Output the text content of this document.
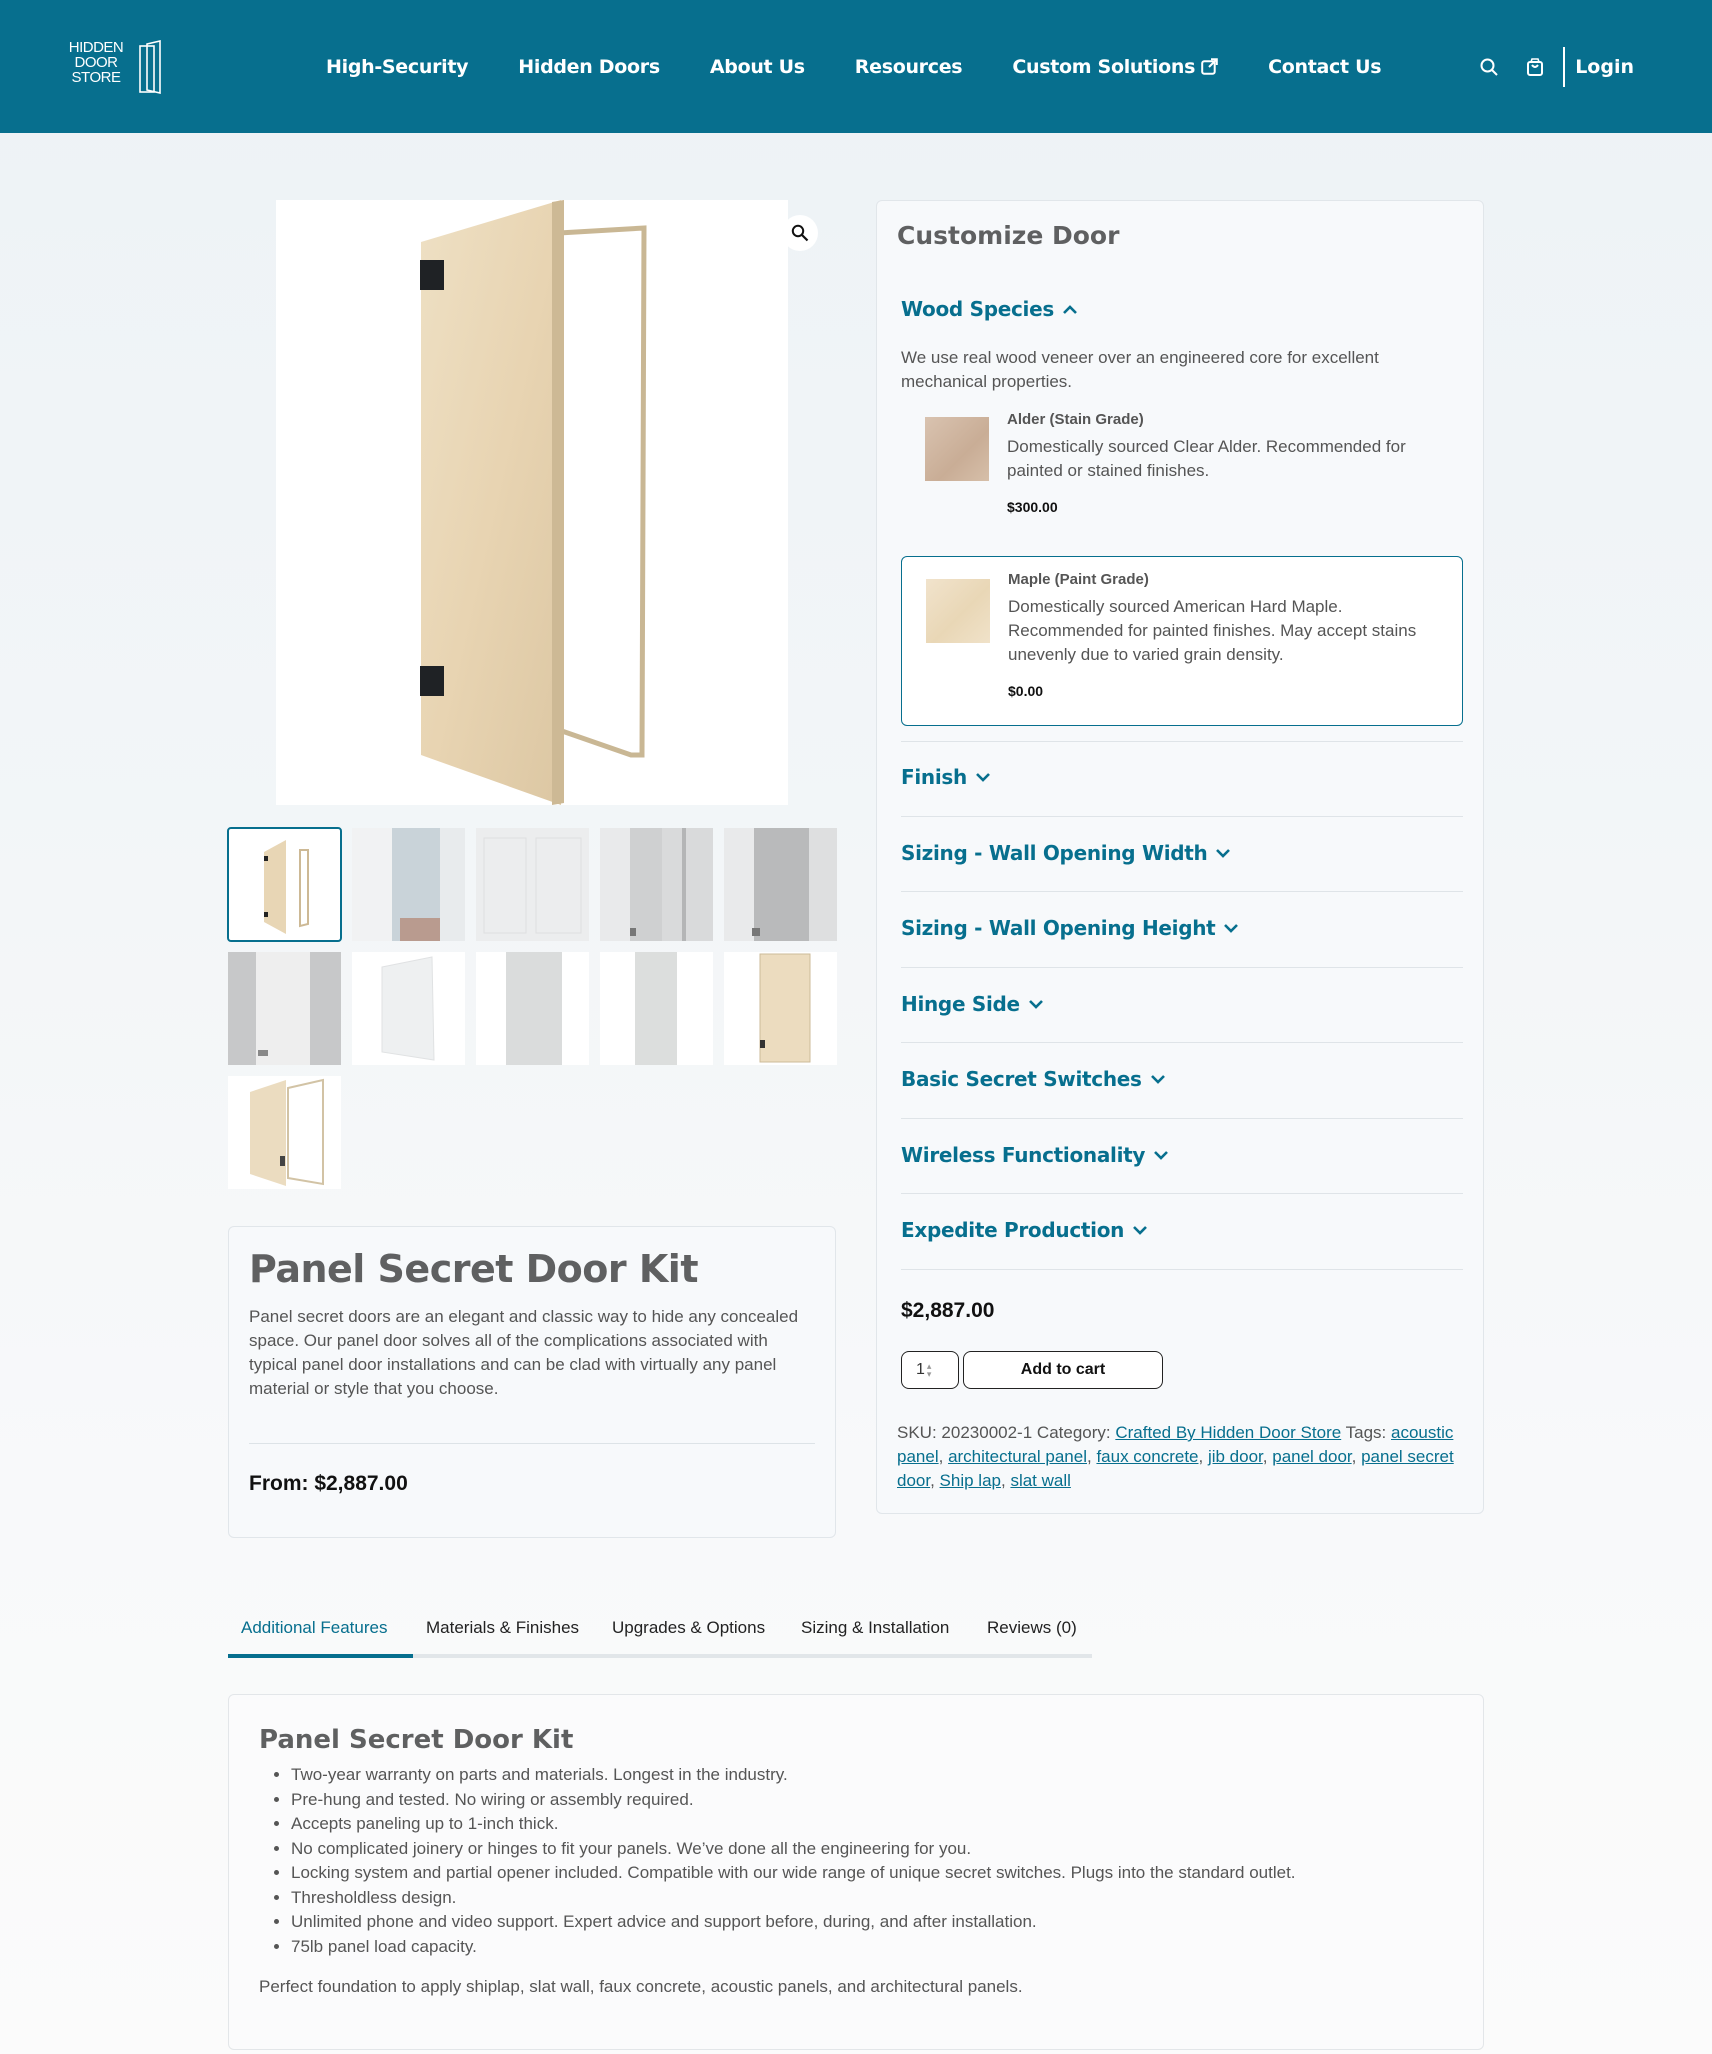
HIDDEN
DOOR
STORE	High-Security	Hidden Doors	About Us	Resources	Custom Solutions	Contact Us	Login
Panel Secret Door Kit

Panel secret doors are an elegant and classic way to hide any concealed space. Our panel door solves all of the complications associated with typical panel door installations and can be clad with virtually any panel material or style that you choose.

From: $2,887.00
Customize Door
Wood Species

We use real wood veneer over an engineered core for excellent mechanical properties.

Alder (Stain Grade)
Domestically sourced Clear Alder. Recommended for painted or stained finishes.
$300.00
Maple (Paint Grade)
Domestically sourced American Hard Maple. Recommended for painted finishes. May accept stains unevenly due to varied grain density.
$0.00
Finish
Sizing - Wall Opening Width
Sizing - Wall Opening Height
Hinge Side
Basic Secret Switches
Wireless Functionality
Expedite Production
$2,887.00
1 ▴
▾	Add to cart
SKU: 20230002-1 Category: Crafted By Hidden Door Store Tags: acoustic panel, architectural panel, faux concrete, jib door, panel door, panel secret door, Ship lap, slat wall
Additional Features Materials & Finishes Upgrades & Options Sizing & Installation Reviews (0)
Panel Secret Door Kit
• Two-year warranty on parts and materials. Longest in the industry.
• Pre-hung and tested. No wiring or assembly required.
• Accepts paneling up to 1-inch thick.
• No complicated joinery or hinges to fit your panels. We’ve done all the engineering for you.
• Locking system and partial opener included. Compatible with our wide range of unique secret switches. Plugs into the standard outlet.
• Thresholdless design.
• Unlimited phone and video support. Expert advice and support before, during, and after installation.
• 75lb panel load capacity.

Perfect foundation to apply shiplap, slat wall, faux concrete, acoustic panels, and architectural panels.
